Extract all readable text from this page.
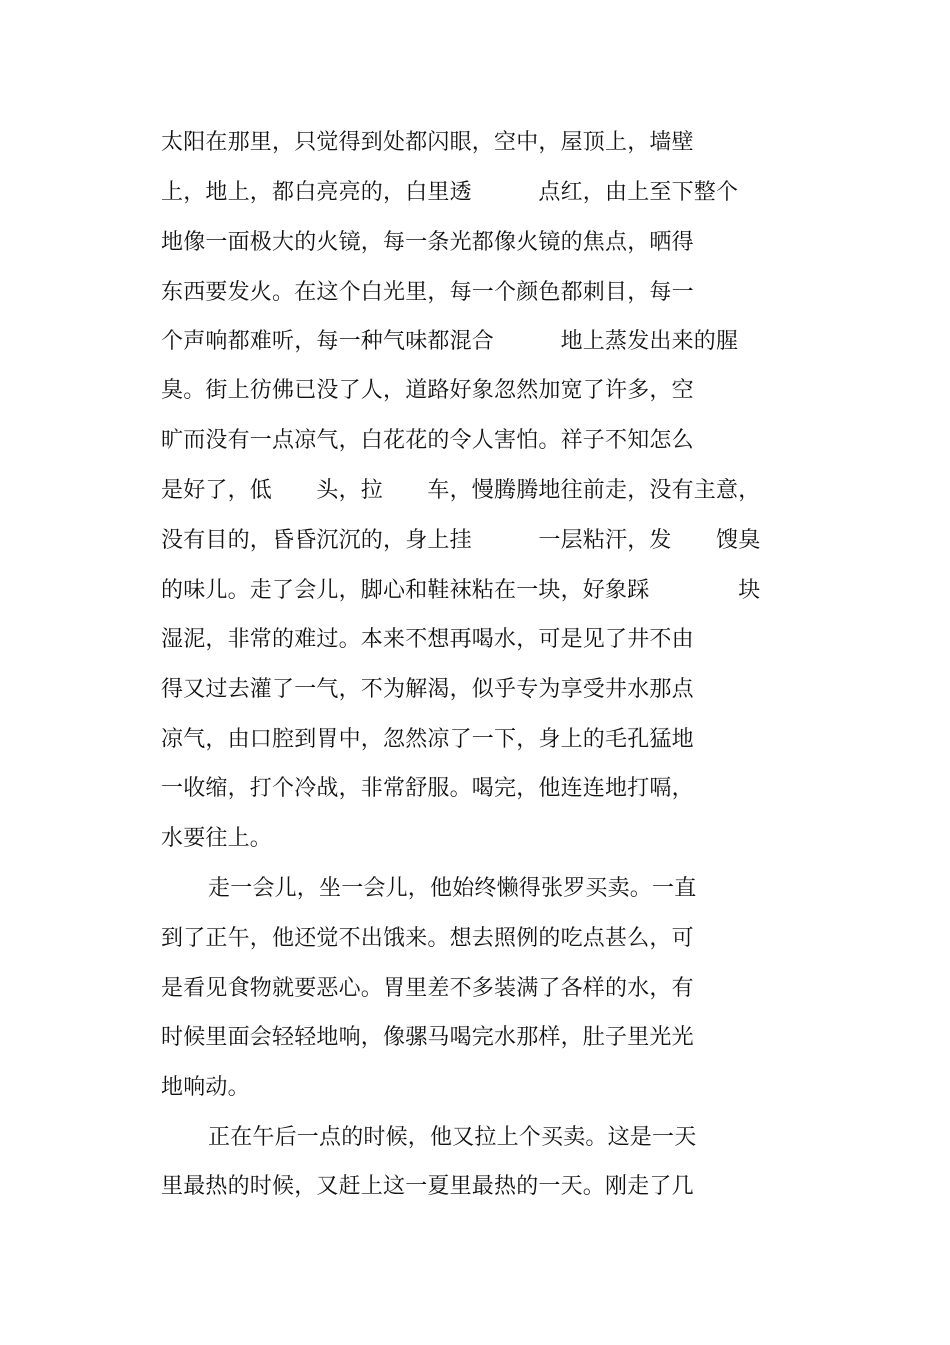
太阳在那里，只觉得到处都闪眼，空中，屋顶上，墙壁
上，地上，都白亮亮的，白里透　　　点红，由上至下整个
地像一面极大的火镜，每一条光都像火镜的焦点，晒得
东西要发火。在这个白光里，每一个颜色都刺目，每一
个声响都难听，每一种气味都混合　　　地上蒸发出来的腥
臭。街上彷佛已没了人，道路好象忽然加宽了许多，空
旷而没有一点凉气，白花花的令人害怕。祥子不知怎么
是好了，低　　头，拉　　车，慢腾腾地往前走，没有主意，
没有目的，昏昏沉沉的，身上挂　　　一层粘汗，发　　馊臭
的味儿。走了会儿，脚心和鞋袜粘在一块，好象踩　　　　块
湿泥，非常的难过。本来不想再喝水，可是见了井不由
得又过去灌了一气，不为解渴，似乎专为享受井水那点
凉气，由口腔到胃中，忽然凉了一下，身上的毛孔猛地
一收缩，打个冷战，非常舒服。喝完，他连连地打嗝，
水要往上。
走一会儿，坐一会儿，他始终懒得张罗买卖。一直
到了正午，他还觉不出饿来。想去照例的吃点甚么，可
是看见食物就要恶心。胃里差不多装满了各样的水，有
时候里面会轻轻地响，像骡马喝完水那样，肚子里光光
地响动。
正在午后一点的时候，他又拉上个买卖。这是一天
里最热的时候，又赶上这一夏里最热的一天。刚走了几
